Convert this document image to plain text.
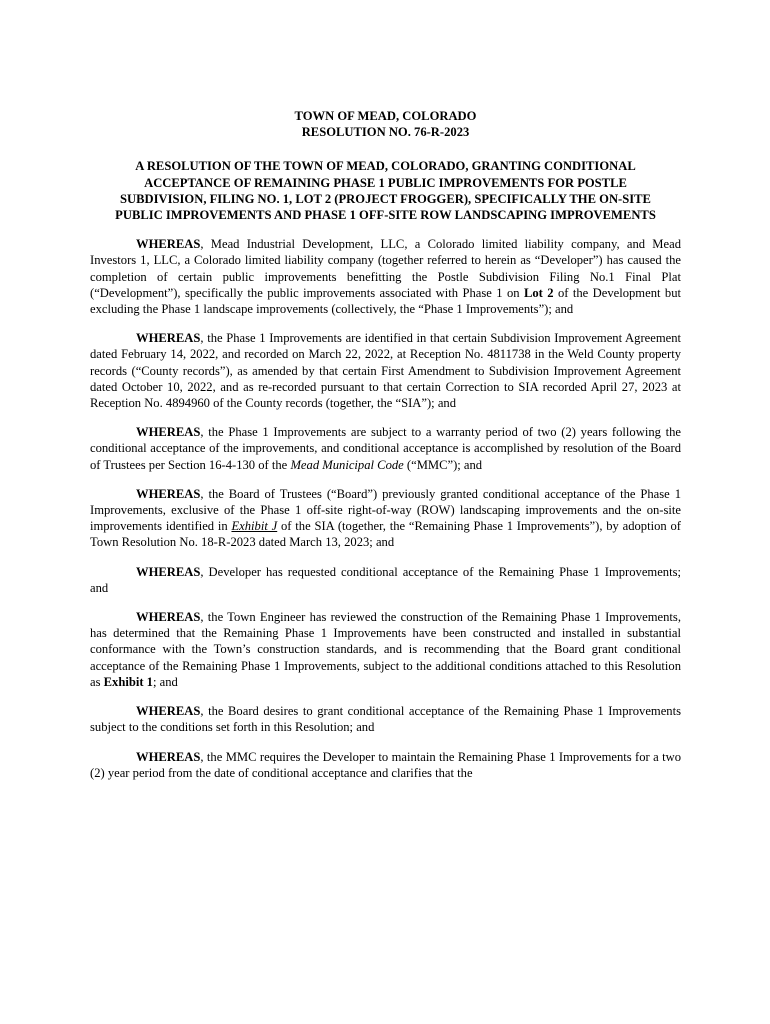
TOWN OF MEAD, COLORADO

RESOLUTION NO. 76-R-2023

A RESOLUTION OF THE TOWN OF MEAD, COLORADO, GRANTING CONDITIONAL ACCEPTANCE OF REMAINING PHASE 1 PUBLIC IMPROVEMENTS FOR POSTLE SUBDIVISION, FILING NO. 1, LOT 2 (PROJECT FROGGER), SPECIFICALLY THE ON-SITE PUBLIC IMPROVEMENTS AND PHASE 1 OFF-SITE ROW LANDSCAPING IMPROVEMENTS

WHEREAS, Mead Industrial Development, LLC, a Colorado limited liability company, and Mead Investors 1, LLC, a Colorado limited liability company (together referred to herein as “Developer”) has caused the completion of certain public improvements benefitting the Postle Subdivision Filing No.1 Final Plat (“Development”), specifically the public improvements associated with Phase 1 on Lot 2 of the Development but excluding the Phase 1 landscape improvements (collectively, the “Phase 1 Improvements”); and

WHEREAS, the Phase 1 Improvements are identified in that certain Subdivision Improvement Agreement dated February 14, 2022, and recorded on March 22, 2022, at Reception No. 4811738 in the Weld County property records (“County records”), as amended by that certain First Amendment to Subdivision Improvement Agreement dated October 10, 2022, and as re-recorded pursuant to that certain Correction to SIA recorded April 27, 2023 at Reception No. 4894960 of the County records (together, the “SIA”); and

WHEREAS, the Phase 1 Improvements are subject to a warranty period of two (2) years following the conditional acceptance of the improvements, and conditional acceptance is accomplished by resolution of the Board of Trustees per Section 16-4-130 of the Mead Municipal Code (“MMC”); and

WHEREAS, the Board of Trustees (“Board”) previously granted conditional acceptance of the Phase 1 Improvements, exclusive of the Phase 1 off-site right-of-way (ROW) landscaping improvements and the on-site improvements identified in Exhibit J of the SIA (together, the “Remaining Phase 1 Improvements”), by adoption of Town Resolution No. 18-R-2023 dated March 13, 2023; and

WHEREAS, Developer has requested conditional acceptance of the Remaining Phase 1 Improvements; and

WHEREAS, the Town Engineer has reviewed the construction of the Remaining Phase 1 Improvements, has determined that the Remaining Phase 1 Improvements have been constructed and installed in substantial conformance with the Town’s construction standards, and is recommending that the Board grant conditional acceptance of the Remaining Phase 1 Improvements, subject to the additional conditions attached to this Resolution as Exhibit 1; and

WHEREAS, the Board desires to grant conditional acceptance of the Remaining Phase 1 Improvements subject to the conditions set forth in this Resolution; and

WHEREAS, the MMC requires the Developer to maintain the Remaining Phase 1 Improvements for a two (2) year period from the date of conditional acceptance and clarifies that the
